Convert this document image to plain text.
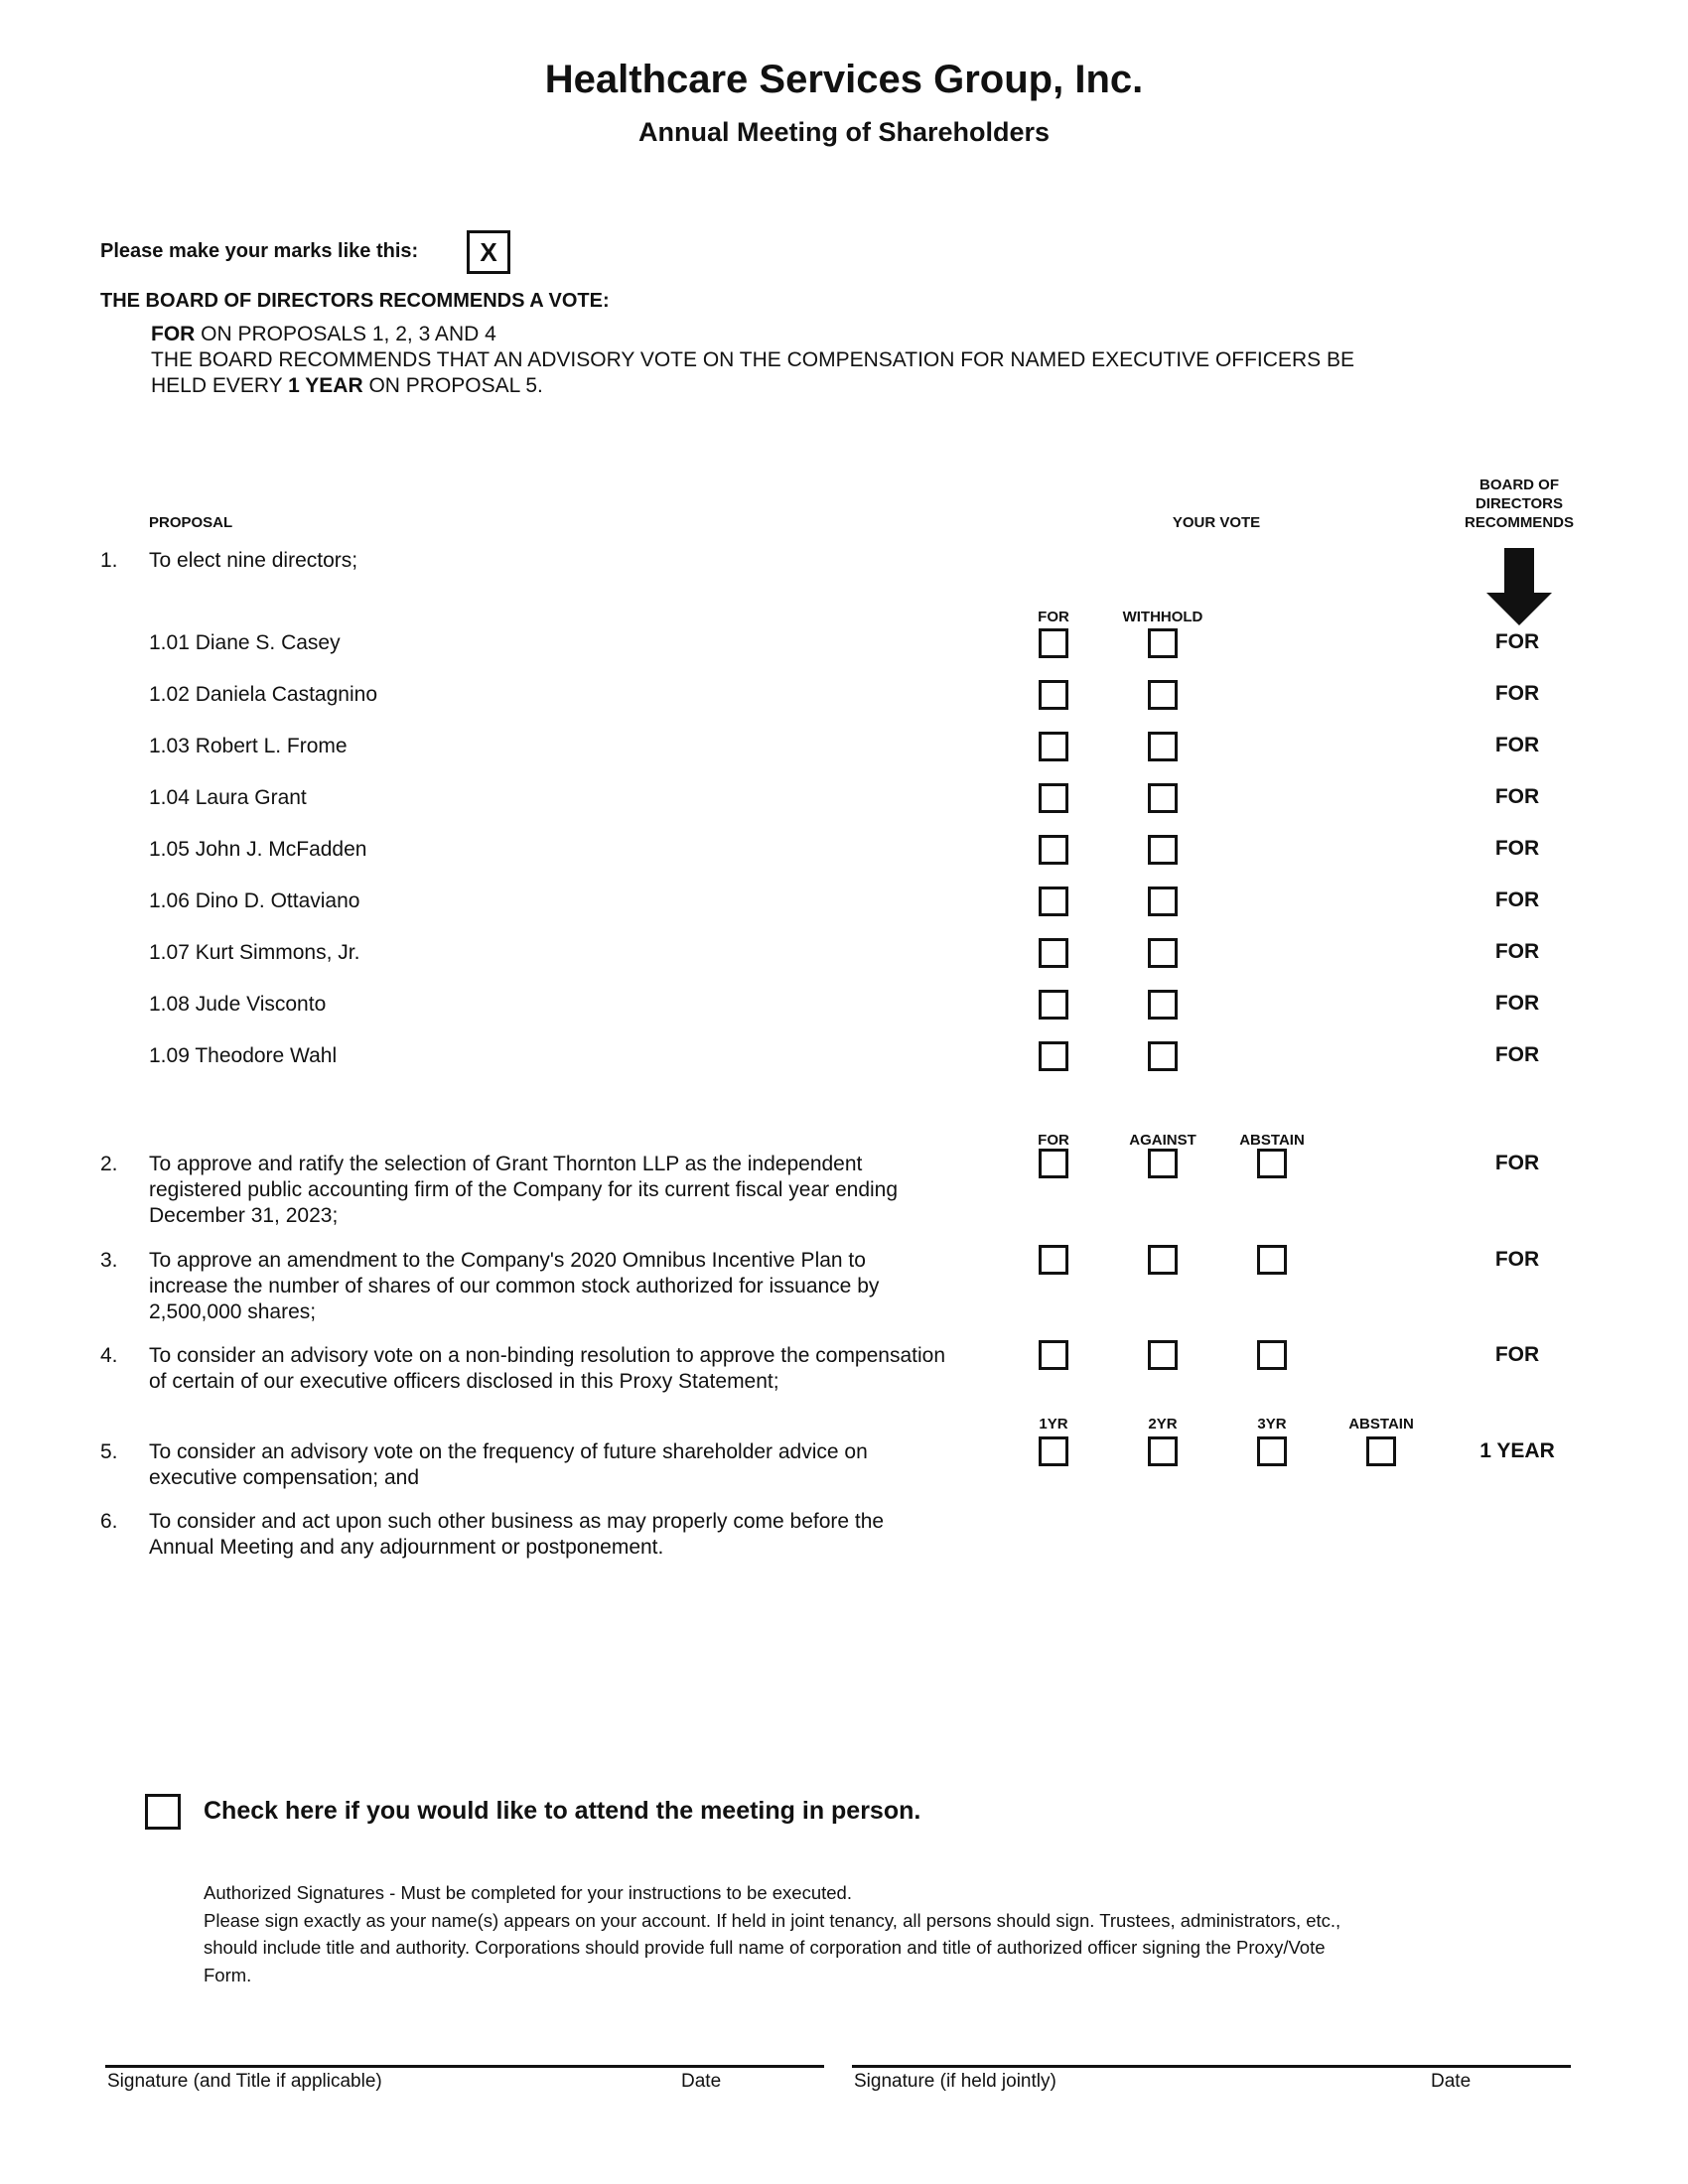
Healthcare Services Group, Inc.
Annual Meeting of Shareholders
Please make your marks like this:	X
THE BOARD OF DIRECTORS RECOMMENDS A VOTE:
FOR ON PROPOSALS 1, 2, 3 AND 4
THE BOARD RECOMMENDS THAT AN ADVISORY VOTE ON THE COMPENSATION FOR NAMED EXECUTIVE OFFICERS BE
HELD EVERY 1 YEAR ON PROPOSAL 5.
PROPOSAL	YOUR VOTE
BOARD OF
DIRECTORS
RECOMMENDS
1. To elect nine directors;
FOR	WITHHOLD
1.01 Diane S. Casey	FOR
1.02 Daniela Castagnino	FOR
1.03 Robert L. Frome	FOR
1.04 Laura Grant	FOR
1.05 John J. McFadden	FOR
1.06 Dino D. Ottaviano	FOR
1.07 Kurt Simmons, Jr.	FOR
1.08 Jude Visconto	FOR
1.09 Theodore Wahl	FOR
FOR	AGAINST	ABSTAIN
2. To approve and ratify the selection of Grant Thornton LLP as the independent
registered public accounting firm of the Company for its current fiscal year ending
December 31, 2023;
FOR
3. To approve an amendment to the Company's 2020 Omnibus Incentive Plan to
increase the number of shares of our common stock authorized for issuance by
2,500,000 shares;
FOR
4. To consider an advisory vote on a non-binding resolution to approve the compensation
of certain of our executive officers disclosed in this Proxy Statement;
FOR
1YR	2YR	3YR	ABSTAIN
5. To consider an advisory vote on the frequency of future shareholder advice on
executive compensation; and
1 YEAR
6. To consider and act upon such other business as may properly come before the
Annual Meeting and any adjournment or postponement.
Check here if you would like to attend the meeting in person.
Authorized Signatures - Must be completed for your instructions to be executed.
Please sign exactly as your name(s) appears on your account. If held in joint tenancy, all persons should sign. Trustees, administrators, etc.,
should include title and authority. Corporations should provide full name of corporation and title of authorized officer signing the Proxy/Vote
Form.
Signature (and Title if applicable)	Date	Signature (if held jointly)	Date
